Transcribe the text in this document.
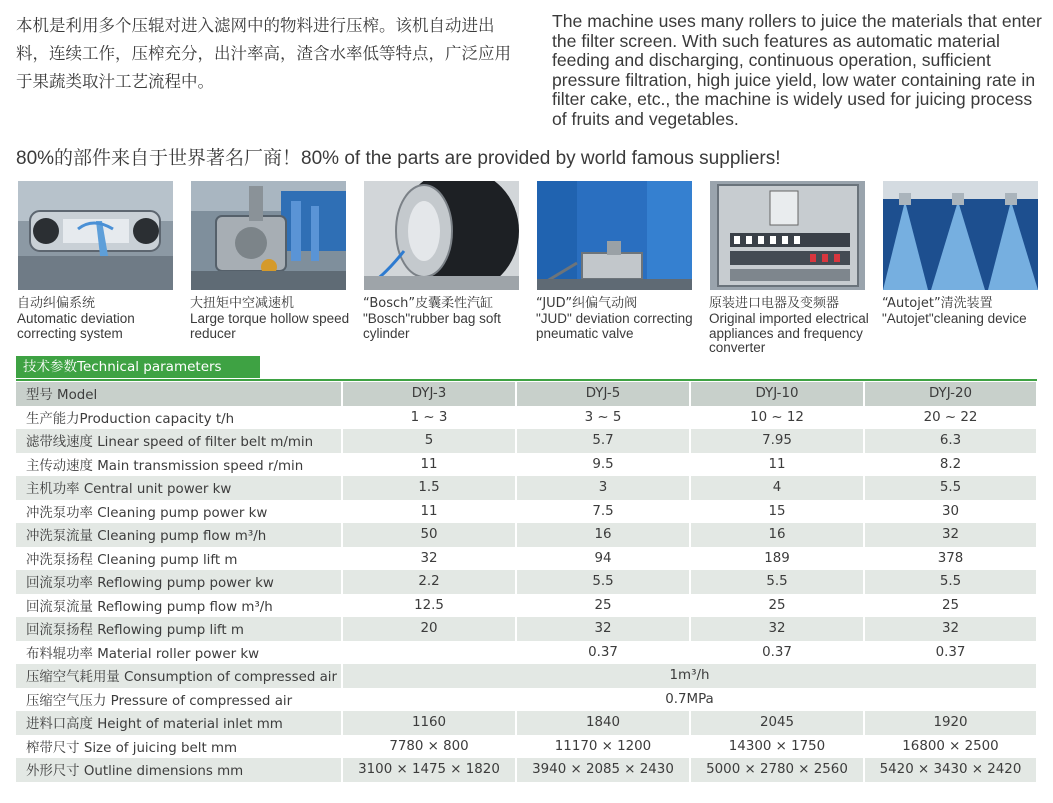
本机是利用多个压辊对进入滤网中的物料进行压榨。该机自动进出料，连续工作，压榨充分，出汁率高，渣含水率低等特点，广泛应用于果蔬类取汁工艺流程中。
The machine uses many rollers to juice the materials that enter the filter screen. With such features as automatic material feeding and discharging, continuous operation, sufficient pressure filtration, high juice yield, low water containing rate in filter cake, etc., the machine is widely used for juicing process of fruits and vegetables.
80%的部件来自于世界著名厂商！80% of the parts are provided by world famous suppliers!
自动纠偏系统
Automatic deviation correcting system
大扭矩中空减速机
Large torque hollow speed reducer
“Bosch”皮囊柔性汽缸
"Bosch"rubber bag soft cylinder
“JUD”纠偏气动阀
"JUD" deviation correcting pneumatic valve
原装进口电器及变频器
Original imported electrical appliances and frequency converter
“Autojet”清洗装置
"Autojet"cleaning device
技术参数Technical parameters
型号 Model	DYJ-3	DYJ-5	DYJ-10	DYJ-20
生产能力Production capacity t/h	1 ~ 3	3 ~ 5	10 ~ 12	20 ~ 22
滤带线速度 Linear speed of filter belt m/min	5	5.7	7.95	6.3
主传动速度 Main transmission speed r/min	11	9.5	11	8.2
主机功率 Central unit power kw	1.5	3	4	5.5
冲洗泵功率 Cleaning pump power kw	11	7.5	15	30
冲洗泵流量 Cleaning pump flow m³/h	50	16	16	32
冲洗泵扬程 Cleaning pump lift m	32	94	189	378
回流泵功率 Reflowing pump power kw	2.2	5.5	5.5	5.5
回流泵流量 Reflowing pump flow m³/h	12.5	25	25	25
回流泵扬程 Reflowing pump lift m	20	32	32	32
布料辊功率 Material roller power kw		0.37	0.37	0.37
压缩空气耗用量 Consumption of compressed air	1m³/h			
压缩空气压力 Pressure of compressed air	0.7MPa			
进料口高度 Height of material inlet mm	1160	1840	2045	1920
榨带尺寸 Size of juicing belt mm	7780 × 800	11170 × 1200	14300 × 1750	16800 × 2500
外形尺寸 Outline dimensions mm	3100 × 1475 × 1820	3940 × 2085 × 2430	5000 × 2780 × 2560	5420 × 3430 × 2420
